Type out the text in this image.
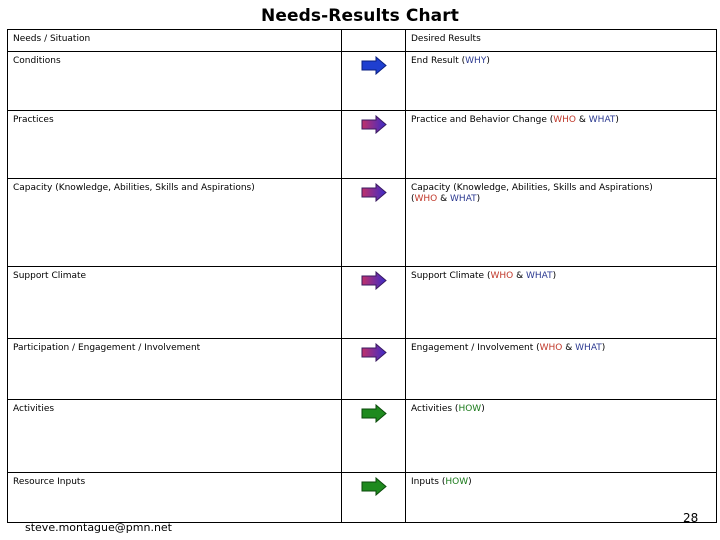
Needs-Results Chart
Needs / Situation		Desired Results
Conditions		End Result (WHY)
Practices		Practice and Behavior Change (WHO & WHAT)
Capacity (Knowledge, Abilities, Skills and Aspirations)		Capacity (Knowledge, Abilities, Skills and Aspirations)
(WHO & WHAT)
Support Climate		Support Climate (WHO & WHAT)
Participation / Engagement / Involvement		Engagement / Involvement (WHO & WHAT)
Activities		Activities (HOW)
Resource Inputs		Inputs (HOW)
steve.montague@pmn.net
28
